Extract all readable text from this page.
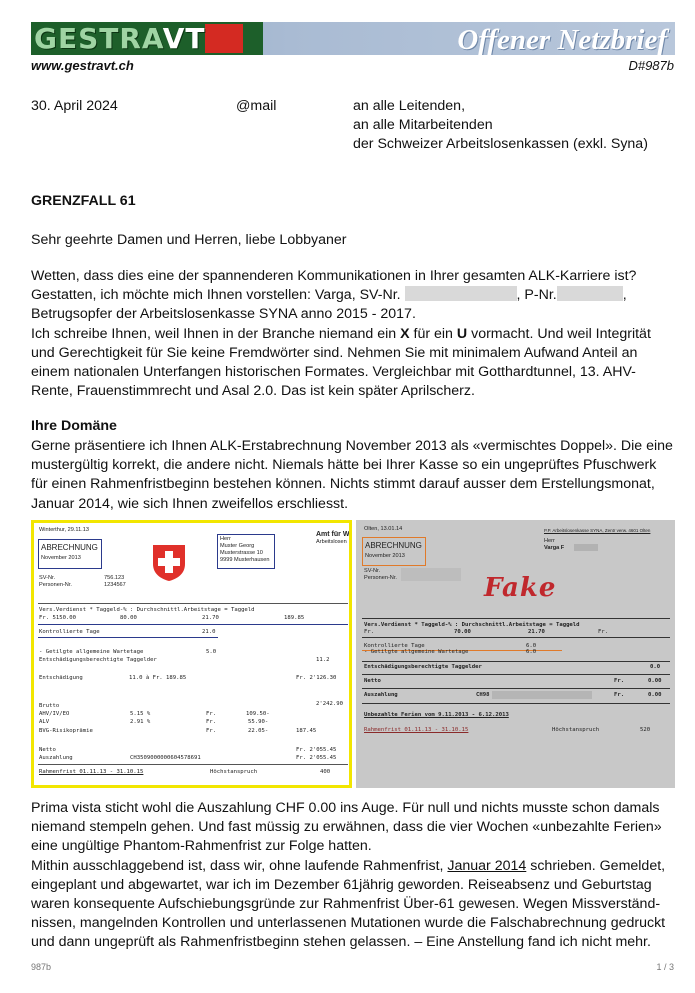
GESTRAVT	Offener Netzbrief
www.gestravt.ch	D#987b
30. April 2024	@mail	an alle Leitenden,
an alle Mitarbeitenden
der Schweizer Arbeitslosenkassen (exkl. Syna)
GRENZFALL 61
Sehr geehrte Damen und Herren, liebe Lobbyaner
Wetten, dass dies eine der spannenderen Kommunikationen in Ihrer gesamten ALK-Karriere ist?
Gestatten, ich möchte mich Ihnen vorstellen: Varga, SV-Nr.	, P-Nr.	,
Betrugsopfer der Arbeitslosenkasse SYNA anno 2015 - 2017.
Ich schreibe Ihnen, weil Ihnen in der Branche niemand ein X für ein U vormacht. Und weil Integrität
und Gerechtigkeit für Sie keine Fremdwörter sind. Nehmen Sie mit minimalem Aufwand Anteil an
einem nationalen Unterfangen historischen Formates. Vergleichbar mit Gotthardtunnel, 13. AHV-
Rente, Frauenstimmrecht und Asal 2.0. Das ist kein später Aprilscherz.
Ihre Domäne
Gerne präsentiere ich Ihnen ALK-Erstabrechnung November 2013 als «vermischtes Doppel». Die eine
mustergültig korrekt, die andere nicht. Niemals hätte bei Ihrer Kasse so ein ungeprüftes Pfuschwerk
für einen Rahmenfristbeginn bestehen können. Nichts stimmt darauf ausser dem Erstellungsmonat,
Januar 2014, wie sich Ihnen zweifellos erschliesst.
Winterthur, 29.11.13
ABRECHNUNG
November 2013
Herr
Muster Georg
Musterstrasse 10
9999 Musterhausen
Amt für W
Arbeitslosen
SV-Nr.	756.123
Personen-Nr.	1234567
Vers.Verdienst * Taggeld-% : Durchschnittl.Arbeitstage = Taggeld
Fr. 5150.00	80.00	21.70	189.85
Kontrollierte Tage	21.0
- Getilgte allgemeine Wartetage	5.0
Entschädigungsberechtigte Taggelder	11.2
Entschädigung	11.0 à Fr. 189.85	Fr. 2'126.30
Brutto	2'242.90
AHV/IV/EO	5.15 %	Fr.	109.50-
ALV	2.91 %	Fr.	55.90-
BVG-Risikoprämie	Fr.	22.05-	187.45
Netto	Fr. 2'055.45
Auszahlung	CH3509000000604578691	Fr. 2'055.45
Rahmenfrist 01.11.13 - 31.10.15	Höchstanspruch	400
Olten, 13.01.14	P.P. Arbeitslosenkasse SYNA, Zentr verw. 4601 Olten
ABRECHNUNG
November 2013
Herr
Varga F
SV-Nr.
Personen-Nr.	Fake
Vers.Verdienst * Taggeld-% : Durchschnittl.Arbeitstage = Taggeld
Fr.	70.00	21.70	Fr.
Kontrollierte Tage	6.0
- Getilgte allgemeine Wartetage	6.0
Entschädigungsberechtigte Taggelder	0.0
Netto	Fr.	0.00
Auszahlung	CH98	Fr.	0.00
Unbezahlte Ferien vom 9.11.2013 - 6.12.2013
Rahmenfrist 01.11.13 - 31.10.15	Höchstanspruch	520
Prima vista sticht wohl die Auszahlung CHF 0.00 ins Auge. Für null und nichts musste schon damals
niemand stempeln gehen. Und fast müssig zu erwähnen, dass die vier Wochen «unbezahlte Ferien»
eine ungültige Phantom-Rahmenfrist zur Folge hatten.
Mithin ausschlaggebend ist, dass wir, ohne laufende Rahmenfrist, Januar 2014 schrieben. Gemeldet,
eingeplant und abgewartet, war ich im Dezember 61jährig geworden. Reiseabsenz und Geburtstag
waren konsequente Aufschiebungsgründe zur Rahmenfrist Über-61 gewesen. Wegen Missverständ-
nissen, mangelnden Kontrollen und unterlassenen Mutationen wurde die Falschabrechnung gedruckt
und dann ungeprüft als Rahmenfristbeginn stehen gelassen. – Eine Anstellung fand ich nicht mehr.
987b	1 / 3
